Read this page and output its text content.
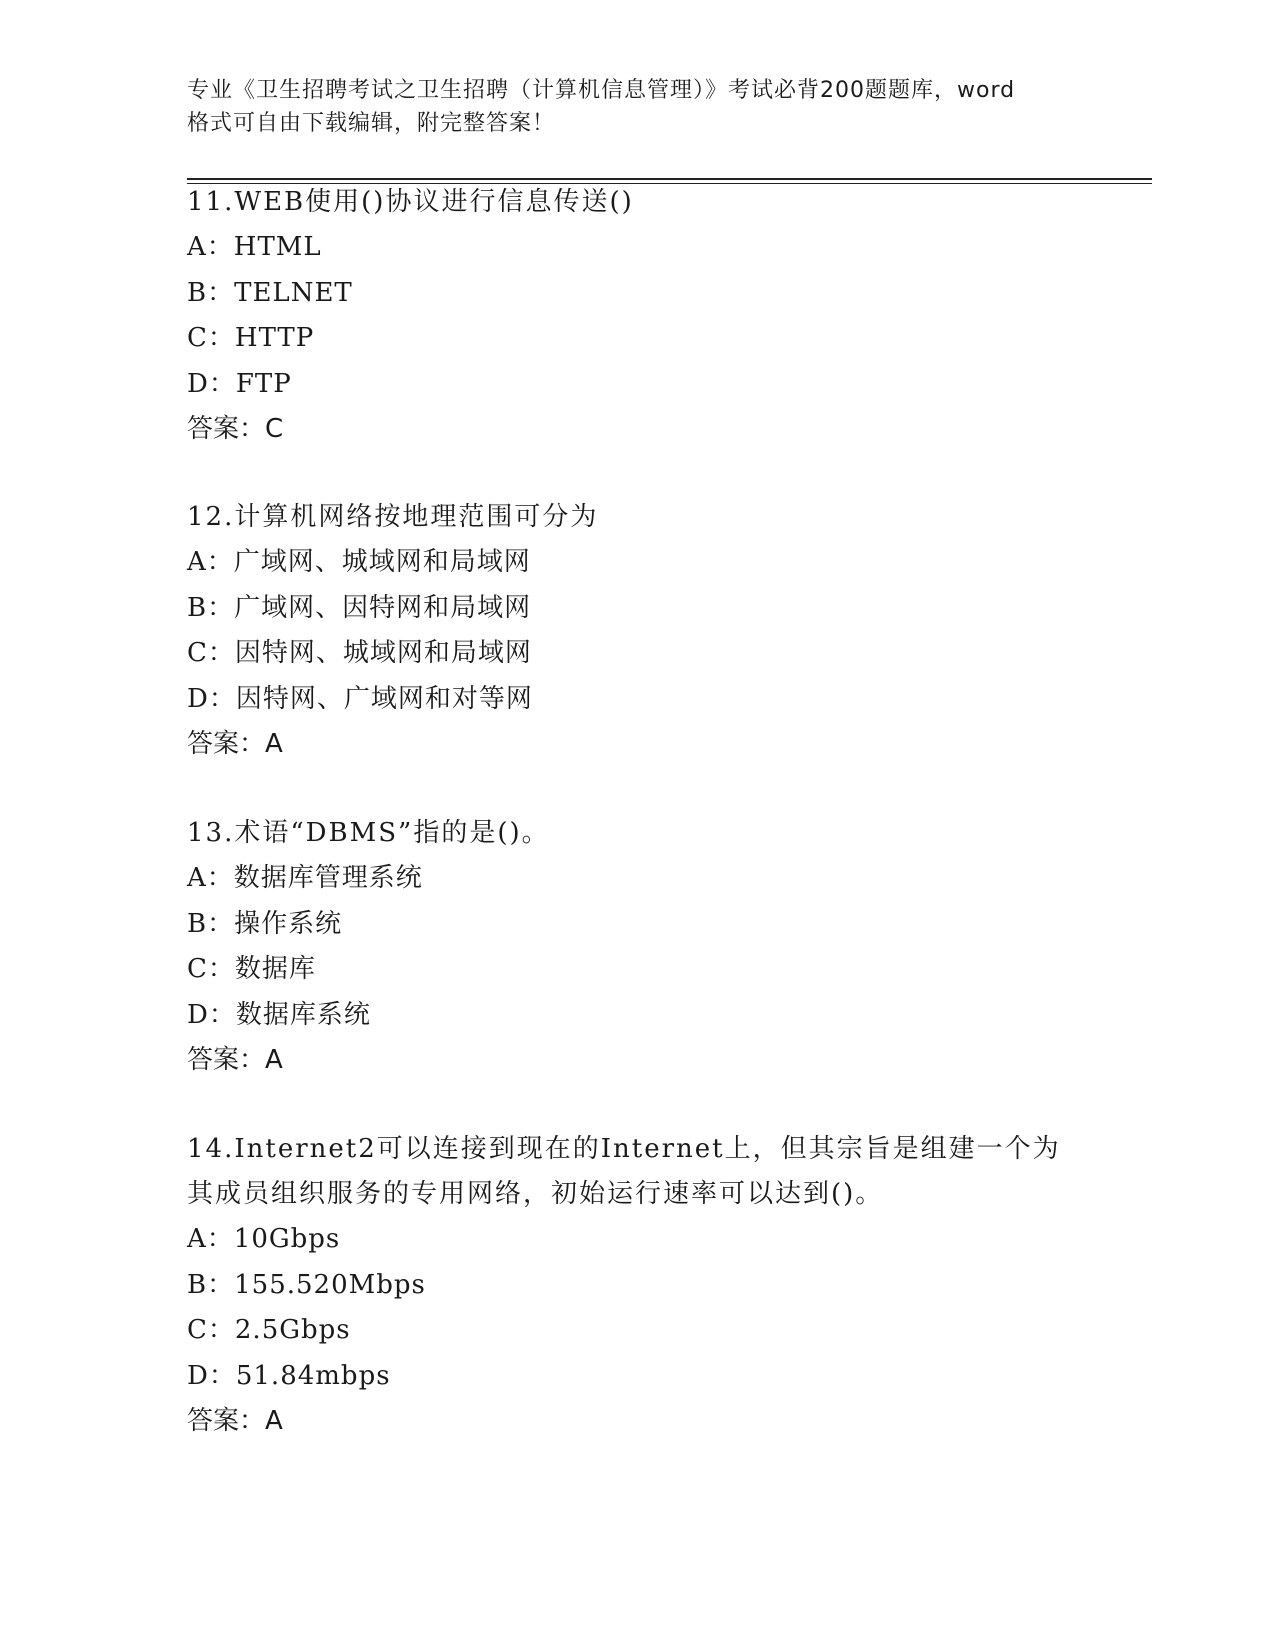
专业《卫生招聘考试之卫生招聘（计算机信息管理）》考试必背200题题库，word
格式可自由下载编辑，附完整答案！

11.WEB使用()协议进行信息传送()

A：HTML

B：TELNET

C：HTTP

D：FTP

答案：C

12.计算机网络按地理范围可分为

A：广域网、城域网和局域网

B：广域网、因特网和局域网

C：因特网、城域网和局域网

D：因特网、广域网和对等网

答案：A

13.术语“DBMS”指的是()。

A：数据库管理系统

B：操作系统

C：数据库

D：数据库系统

答案：A

14.Internet2可以连接到现在的Internet上，但其宗旨是组建一个为

其成员组织服务的专用网络，初始运行速率可以达到()。

A：10Gbps

B：155.520Mbps

C：2.5Gbps

D：51.84mbps

答案：A
